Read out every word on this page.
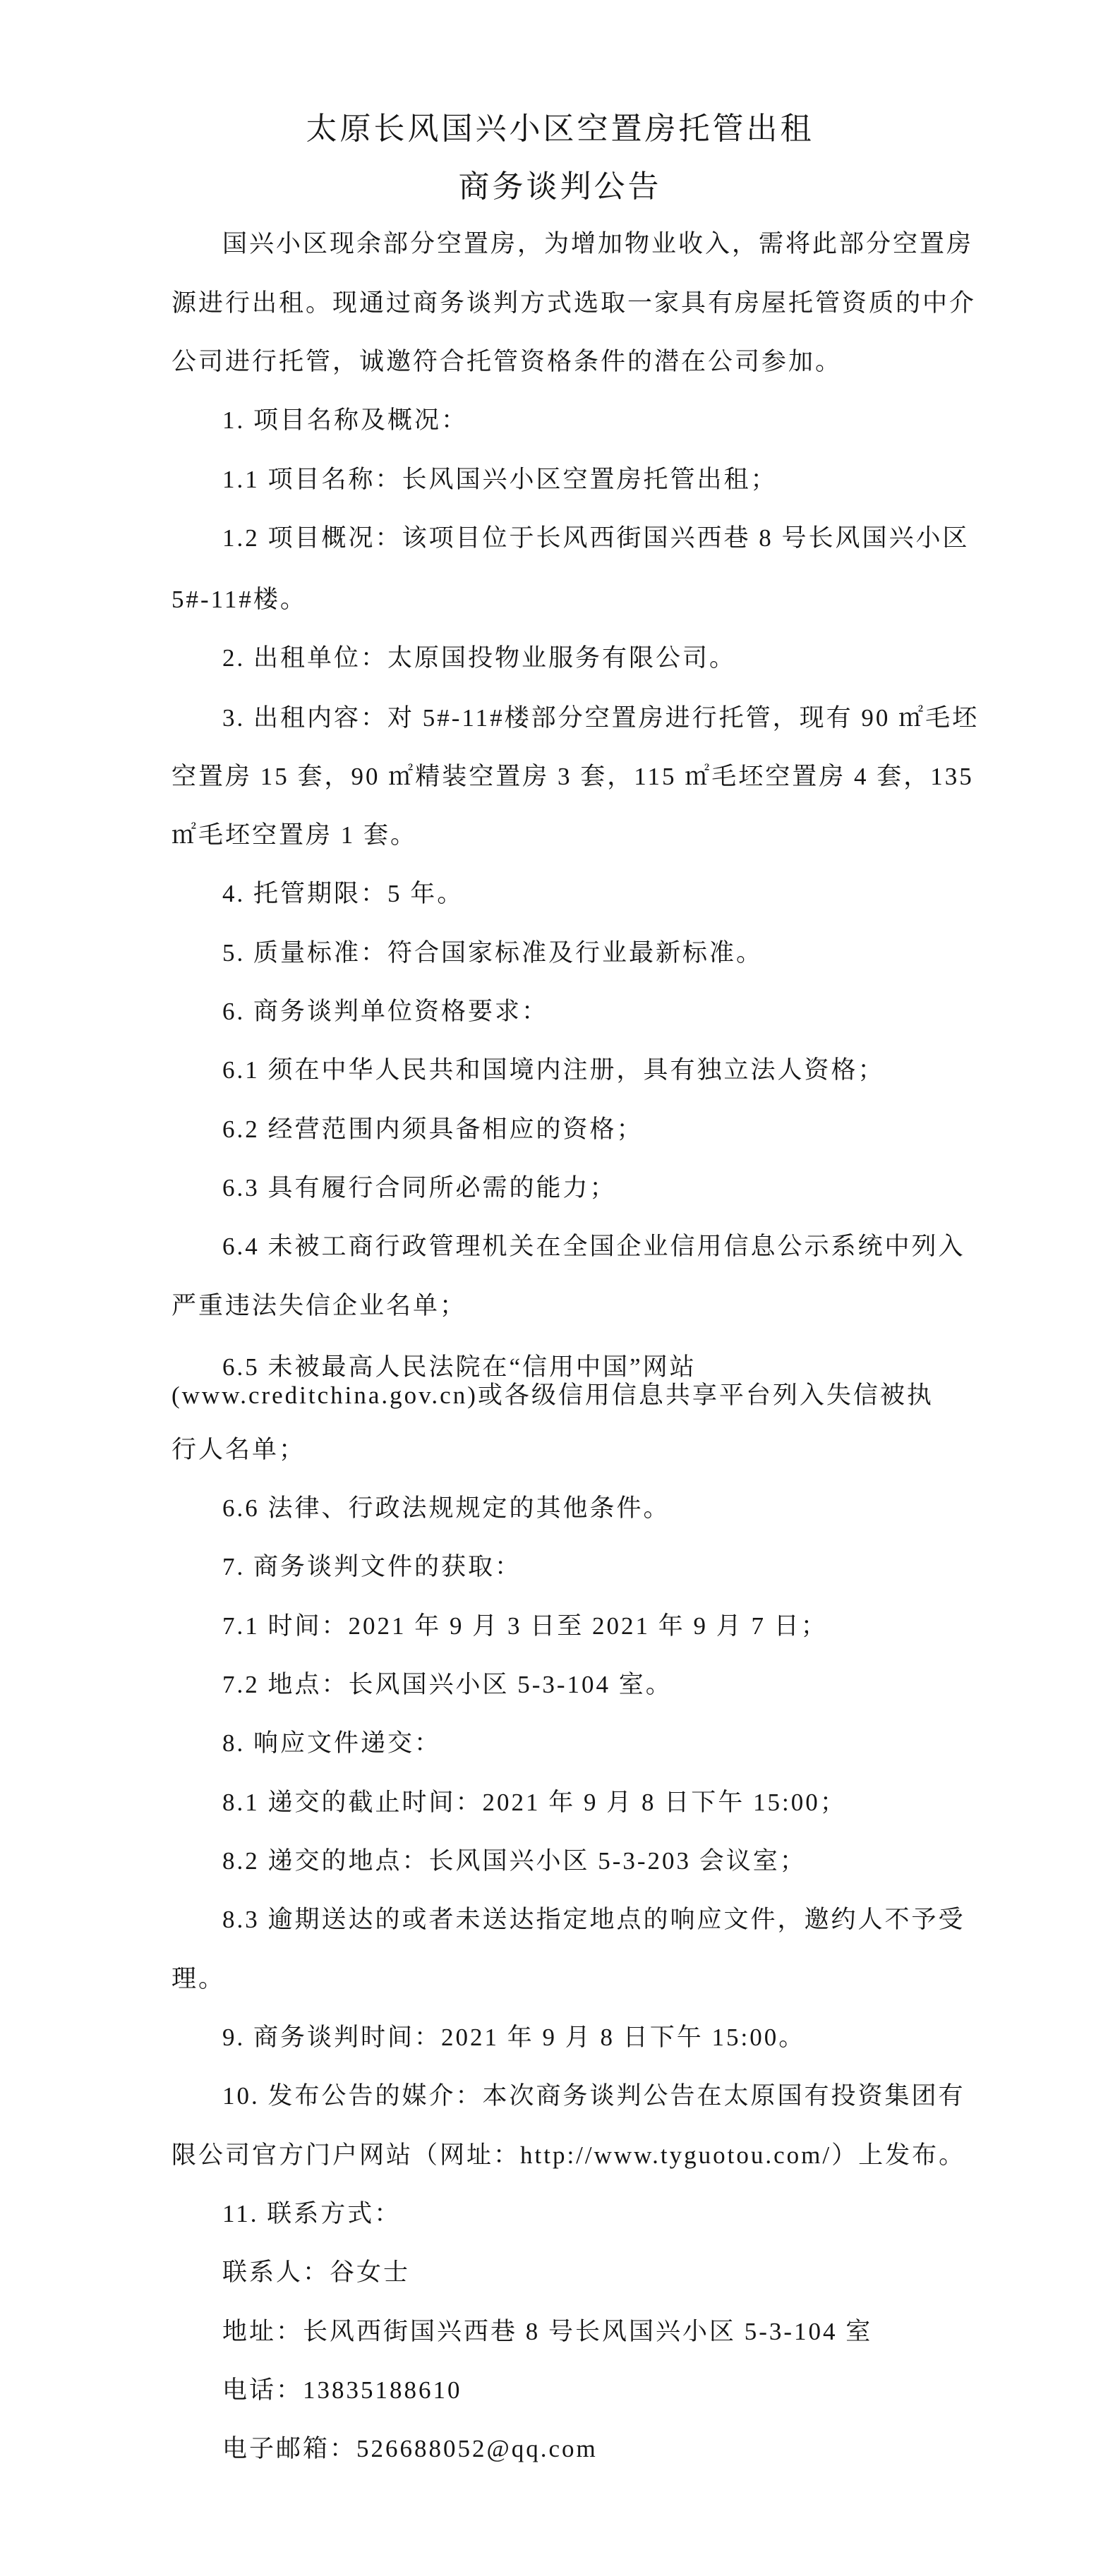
太原长风国兴小区空置房托管出租
商务谈判公告
国兴小区现余部分空置房，为增加物业收入，需将此部分空置房
源进行出租。现通过商务谈判方式选取一家具有房屋托管资质的中介
公司进行托管，诚邀符合托管资格条件的潜在公司参加。
1. 项目名称及概况：
1.1 项目名称：长风国兴小区空置房托管出租；
1.2 项目概况：该项目位于长风西街国兴西巷 8 号长风国兴小区
5#-11#楼。
2. 出租单位：太原国投物业服务有限公司。
3. 出租内容：对 5#-11#楼部分空置房进行托管，现有 90 ㎡毛坯
空置房 15 套，90 ㎡精装空置房 3 套，115 ㎡毛坯空置房 4 套，135
㎡毛坯空置房 1 套。
4. 托管期限：5 年。
5. 质量标准：符合国家标准及行业最新标准。
6. 商务谈判单位资格要求：
6.1 须在中华人民共和国境内注册，具有独立法人资格；
6.2 经营范围内须具备相应的资格；
6.3 具有履行合同所必需的能力；
6.4 未被工商行政管理机关在全国企业信用信息公示系统中列入
严重违法失信企业名单；
6.5 未被最高人民法院在“信用中国”网站
(www.creditchina.gov.cn)或各级信用信息共享平台列入失信被执
行人名单；
6.6 法律、行政法规规定的其他条件。
7. 商务谈判文件的获取：
7.1 时间：2021 年 9 月 3 日至 2021 年 9 月 7 日；
7.2 地点：长风国兴小区 5-3-104 室。
8. 响应文件递交：
8.1 递交的截止时间：2021 年 9 月 8 日下午 15:00；
8.2 递交的地点：长风国兴小区 5-3-203 会议室；
8.3 逾期送达的或者未送达指定地点的响应文件，邀约人不予受
理。
9. 商务谈判时间：2021 年 9 月 8 日下午 15:00。
10. 发布公告的媒介：本次商务谈判公告在太原国有投资集团有
限公司官方门户网站（网址：http://www.tyguotou.com/）上发布。
11. 联系方式：
联系人：谷女士
地址：长风西街国兴西巷 8 号长风国兴小区 5-3-104 室
电话：13835188610
电子邮箱：526688052@qq.com
